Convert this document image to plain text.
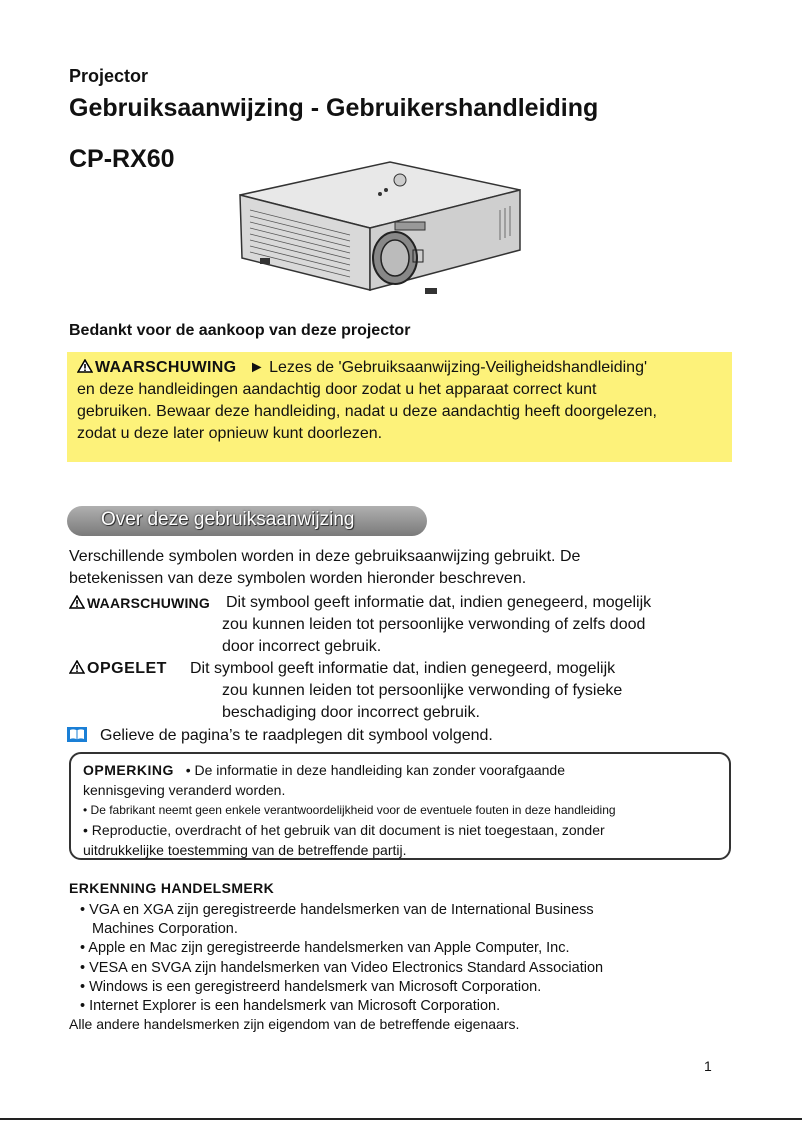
Projector
Gebruiksaanwijzing - Gebruikershandleiding
CP-RX60
Bedankt voor de aankoop van deze projector
WAARSCHUWING ► Lezes de 'Gebruiksaanwijzing-Veiligheidshandleiding'
en deze handleidingen aandachtig door zodat u het apparaat correct kunt
gebruiken. Bewaar deze handleiding, nadat u deze aandachtig heeft doorgelezen,
zodat u deze later opnieuw kunt doorlezen.
Over deze gebruiksaanwijzing
Verschillende symbolen worden in deze gebruiksaanwijzing gebruikt. De
betekenissen van deze symbolen worden hieronder beschreven.
WAARSCHUWING Dit symbool geeft informatie dat, indien genegeerd, mogelijk
zou kunnen leiden tot persoonlijke verwonding of zelfs dood
door incorrect gebruik.
OPGELET Dit symbool geeft informatie dat, indien genegeerd, mogelijk
zou kunnen leiden tot persoonlijke verwonding of fysieke
beschadiging door incorrect gebruik.
Gelieve de pagina’s te raadplegen dit symbool volgend.
OPMERKING • De informatie in deze handleiding kan zonder voorafgaande
kennisgeving veranderd worden.
• De fabrikant neemt geen enkele verantwoordelijkheid voor de eventuele fouten in deze handleiding
• Reproductie, overdracht of het gebruik van dit document is niet toegestaan, zonder
uitdrukkelijke toestemming van de betreffende partij.
ERKENNING HANDELSMERK
• VGA en XGA zijn geregistreerde handelsmerken van de International Business
Machines Corporation.
• Apple en Mac zijn geregistreerde handelsmerken van Apple Computer, Inc.
• VESA en SVGA zijn handelsmerken van Video Electronics Standard Association
• Windows is een geregistreerd handelsmerk van Microsoft Corporation.
• Internet Explorer is een handelsmerk van Microsoft Corporation.
Alle andere handelsmerken zijn eigendom van de betreffende eigenaars.
1
